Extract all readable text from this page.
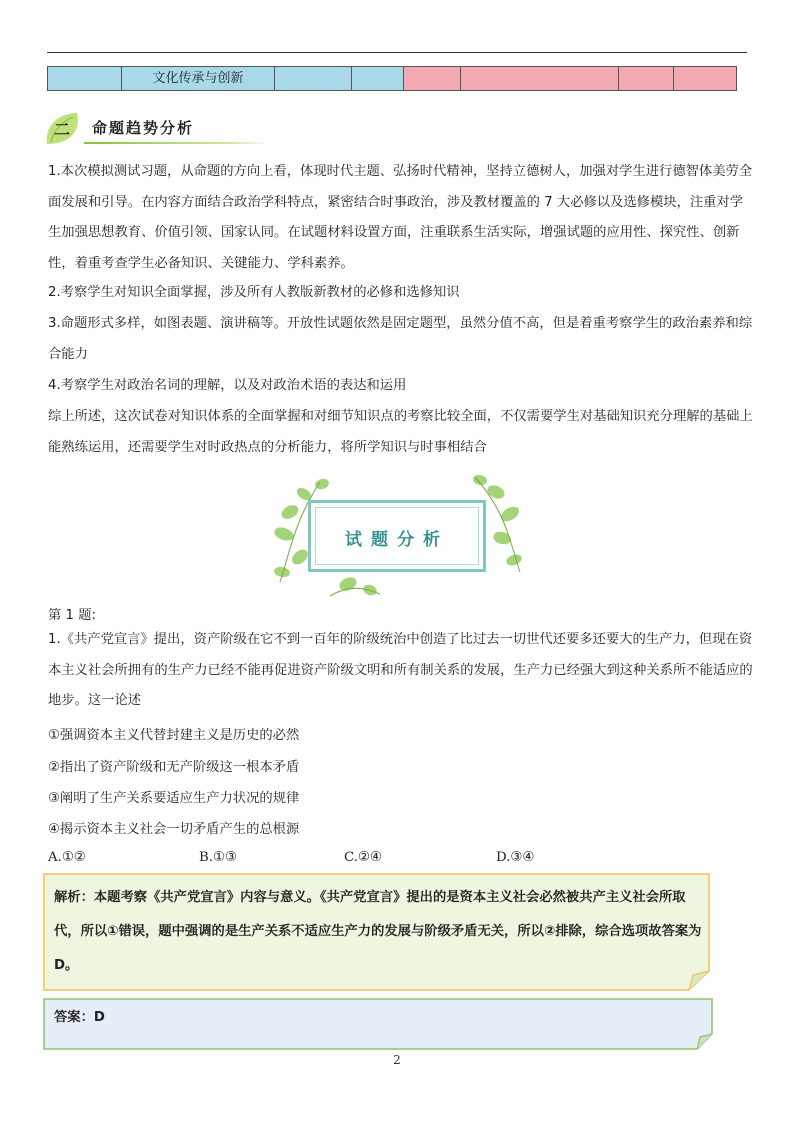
文化传承与创新
二 命题趋势分析
1.本次模拟测试习题，从命题的方向上看，体现时代主题、弘扬时代精神，坚持立德树人，加强对学生进行德智体美劳全面发展和引导。在内容方面结合政治学科特点，紧密结合时事政治，涉及教材覆盖的 7 大必修以及选修模块，注重对学生加强思想教育、价值引领、国家认同。在试题材料设置方面，注重联系生活实际，增强试题的应用性、探究性、创新性，着重考查学生必备知识、关键能力、学科素养。
2.考察学生对知识全面掌握，涉及所有人教版新教材的必修和选修知识
3.命题形式多样，如图表题、演讲稿等。开放性试题依然是固定题型，虽然分值不高，但是着重考察学生的政治素养和综合能力
4.考察学生对政治名词的理解，以及对政治术语的表达和运用
综上所述，这次试卷对知识体系的全面掌握和对细节知识点的考察比较全面，不仅需要学生对基础知识充分理解的基础上能熟练运用，还需要学生对时政热点的分析能力，将所学知识与时事相结合
试题分析
第 1 题:
1.《共产党宣言》提出，资产阶级在它不到一百年的阶级统治中创造了比过去一切世代还要多还要大的生产力，但现在资本主义社会所拥有的生产力已经不能再促进资产阶级文明和所有制关系的发展，生产力已经强大到这种关系所不能适应的地步。这一论述
①强调资本主义代替封建主义是历史的必然
②指出了资产阶级和无产阶级这一根本矛盾
③阐明了生产关系要适应生产力状况的规律
④揭示资本主义社会一切矛盾产生的总根源
A.①②	B.①③	C.②④	D.③④
解析：本题考察《共产党宣言》内容与意义。《共产党宣言》提出的是资本主义社会必然被共产主义社会所取代，所以①错误，题中强调的是生产关系不适应生产力的发展与阶级矛盾无关，所以②排除，综合选项故答案为 D。
答案：D
2
